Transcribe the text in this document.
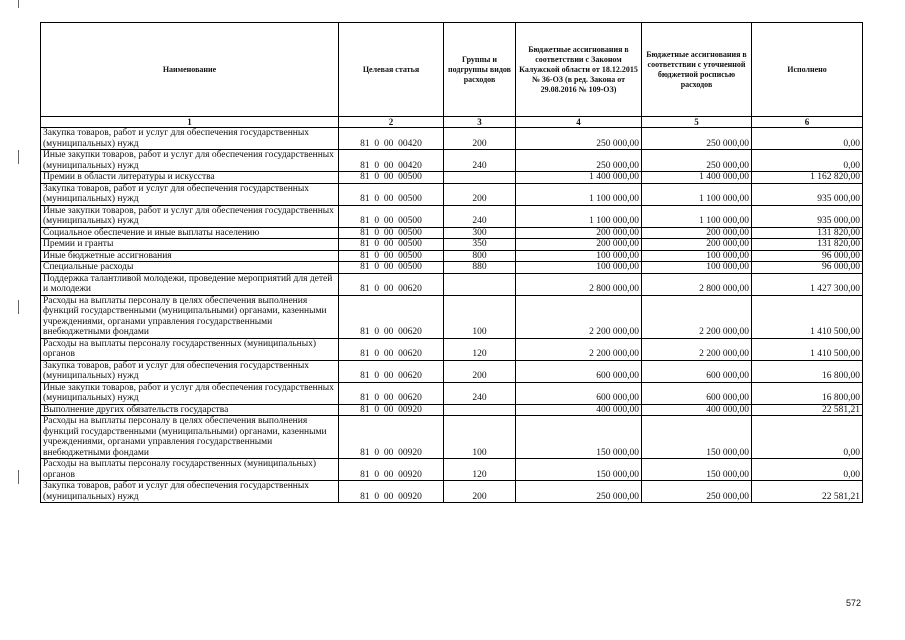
Наименование	Целевая статья	Группы и подгруппы видов расходов	Бюджетные ассигнования в соответствии с Законом Калужской области от 18.12.2015 № 36-ОЗ (в ред. Закона от 29.08.2016 № 109-ОЗ)	Бюджетные ассигнования в соответствии с уточненной бюджетной росписью расходов	Исполнено
1	2	3	4	5	6
Закупка товаров, работ и услуг для обеспечения государственных (муниципальных) нужд	81  0  00  00420	200	250 000,00	250 000,00	0,00
Иные закупки товаров, работ и услуг для обеспечения государственных (муниципальных) нужд	81  0  00  00420	240	250 000,00	250 000,00	0,00
Премии в области литературы и искусства	81  0  00  00500		1 400 000,00	1 400 000,00	1 162 820,00
Закупка товаров, работ и услуг для обеспечения государственных (муниципальных) нужд	81  0  00  00500	200	1 100 000,00	1 100 000,00	935 000,00
Иные закупки товаров, работ и услуг для обеспечения государственных (муниципальных) нужд	81  0  00  00500	240	1 100 000,00	1 100 000,00	935 000,00
Социальное обеспечение и иные выплаты населению	81  0  00  00500	300	200 000,00	200 000,00	131 820,00
Премии и гранты	81  0  00  00500	350	200 000,00	200 000,00	131 820,00
Иные бюджетные ассигнования	81  0  00  00500	800	100 000,00	100 000,00	96 000,00
Специальные расходы	81  0  00  00500	880	100 000,00	100 000,00	96 000,00
Поддержка талантливой молодежи, проведение мероприятий для детей и молодежи	81  0  00  00620		2 800 000,00	2 800 000,00	1 427 300,00
Расходы на выплаты персоналу в целях обеспечения выполнения функций государственными (муниципальными) органами, казенными учреждениями, органами управления государственными внебюджетными фондами	81  0  00  00620	100	2 200 000,00	2 200 000,00	1 410 500,00
Расходы на выплаты персоналу государственных (муниципальных) органов	81  0  00  00620	120	2 200 000,00	2 200 000,00	1 410 500,00
Закупка товаров, работ и услуг для обеспечения государственных (муниципальных) нужд	81  0  00  00620	200	600 000,00	600 000,00	16 800,00
Иные закупки товаров, работ и услуг для обеспечения государственных (муниципальных) нужд	81  0  00  00620	240	600 000,00	600 000,00	16 800,00
Выполнение других обязательств государства	81  0  00  00920		400 000,00	400 000,00	22 581,21
Расходы на выплаты персоналу в целях обеспечения выполнения функций государственными (муниципальными) органами, казенными учреждениями, органами управления государственными внебюджетными фондами	81  0  00  00920	100	150 000,00	150 000,00	0,00
Расходы на выплаты персоналу государственных (муниципальных) органов	81  0  00  00920	120	150 000,00	150 000,00	0,00
Закупка товаров, работ и услуг для обеспечения государственных (муниципальных) нужд	81  0  00  00920	200	250 000,00	250 000,00	22 581,21
572
